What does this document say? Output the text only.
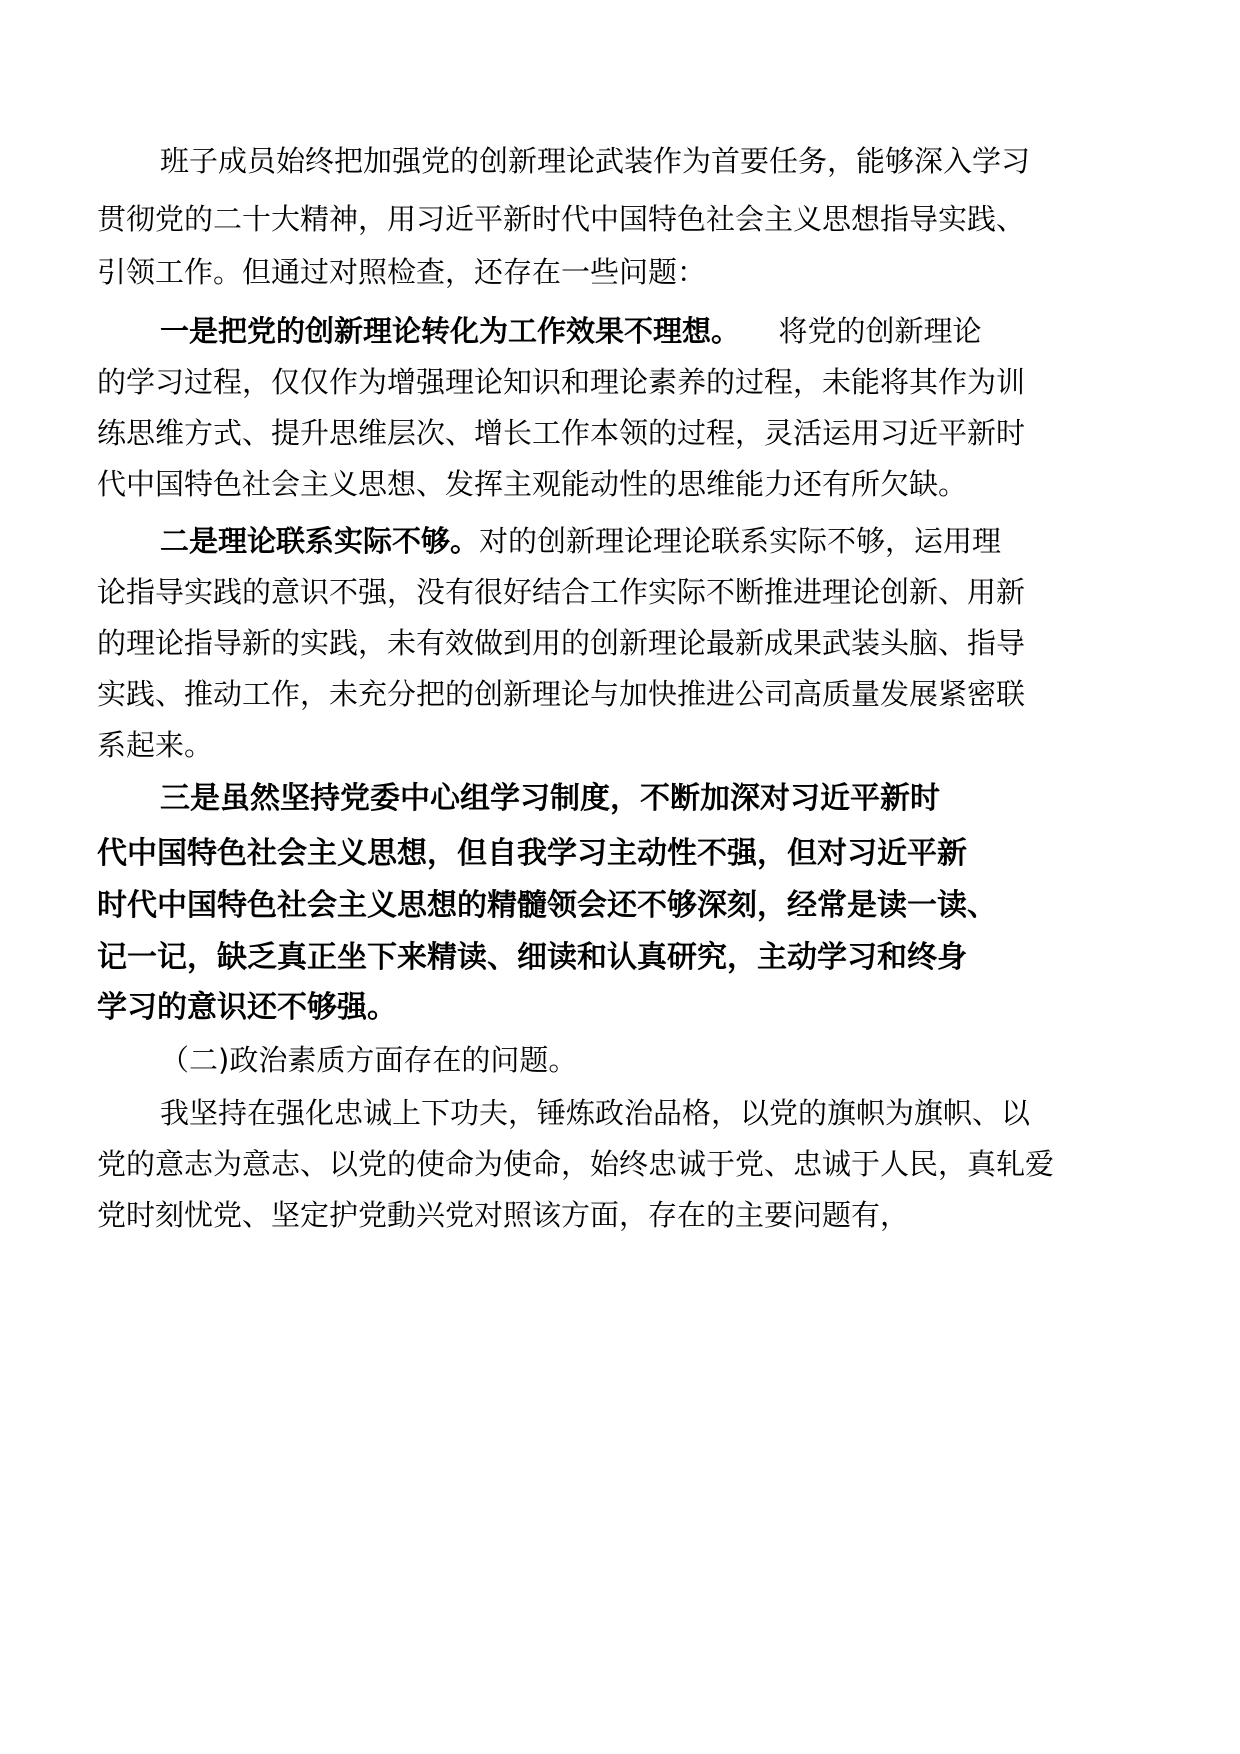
班子成员始终把加强党的创新理论武装作为首要任务，能够深入学习
贯彻党的二十大精神，用习近平新时代中国特色社会主义思想指导实践、
引领工作。但通过对照检查，还存在一些问题：
一是把党的创新理论转化为工作效果不理想。 将党的创新理论
的学习过程，仅仅作为增强理论知识和理论素养的过程，未能将其作为训
练思维方式、提升思维层次、增长工作本领的过程，灵活运用习近平新时
代中国特色社会主义思想、发挥主观能动性的思维能力还有所欠缺。
二是理论联系实际不够。对的创新理论理论联系实际不够，运用理
论指导实践的意识不强，没有很好结合工作实际不断推进理论创新、用新
的理论指导新的实践，未有效做到用的创新理论最新成果武装头脑、指导
实践、推动工作，未充分把的创新理论与加快推进公司高质量发展紧密联
系起来。
三是虽然坚持党委中心组学习制度，不断加深对习近平新时
代中国特色社会主义思想，但自我学习主动性不强，但对习近平新
时代中国特色社会主义思想的精髓领会还不够深刻，经常是读一读、
记一记，缺乏真正坐下来精读、细读和认真研究，主动学习和终身
学习的意识还不够强。
（二)政治素质方面存在的问题。
我坚持在强化忠诚上下功夫，锤炼政治品格，以党的旗帜为旗帜、以
党的意志为意志、以党的使命为使命，始终忠诚于党、忠诚于人民，真轧爱
党时刻忧党、坚定护党動兴党对照该方面，存在的主要问题有，
